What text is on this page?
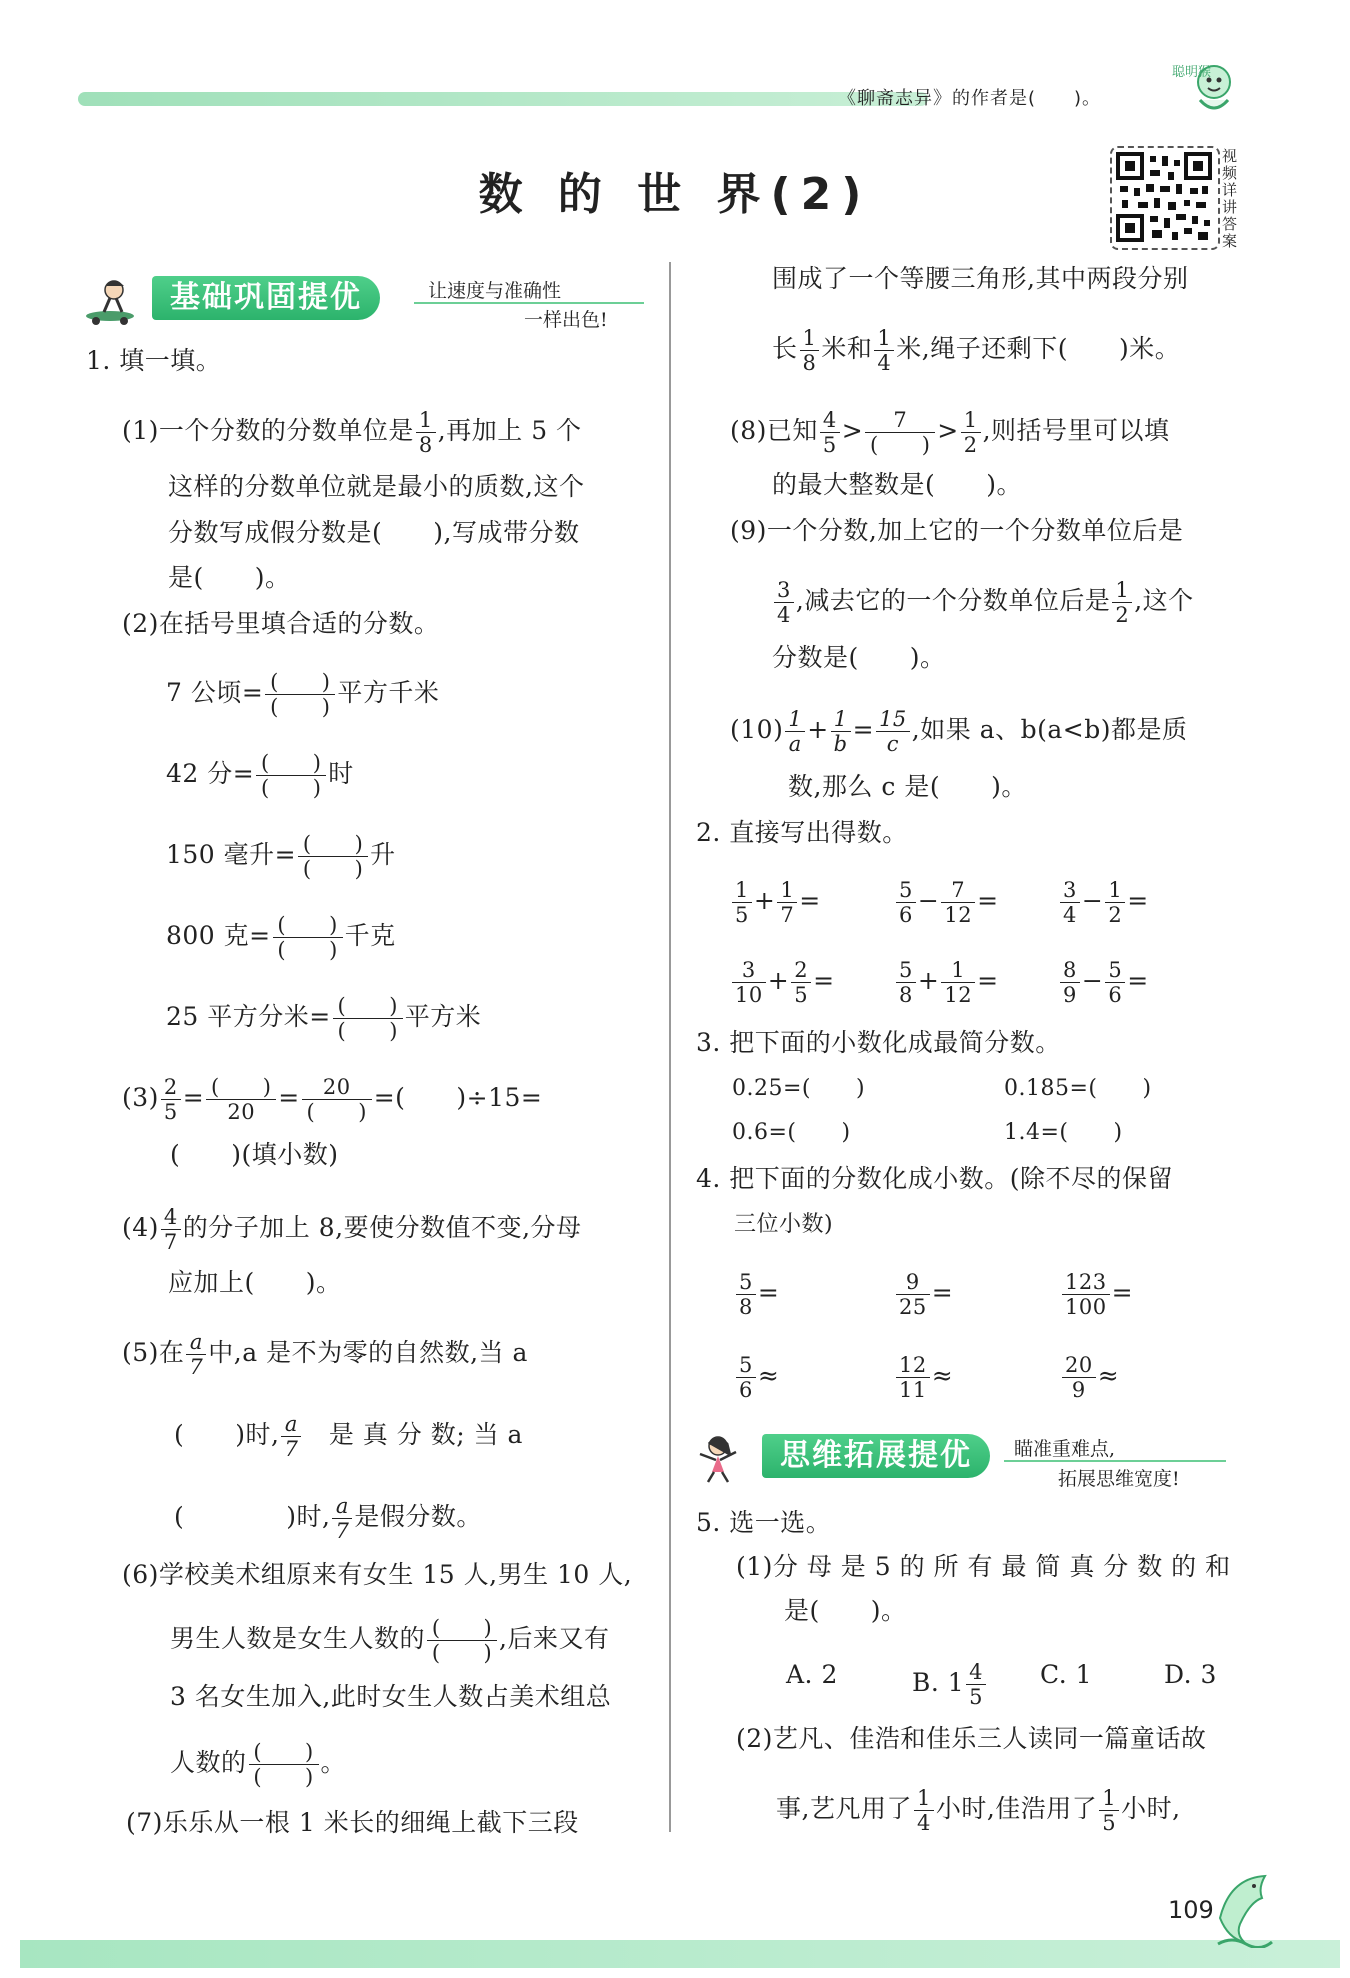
《聊斋志异》的作者是(　　)。
聪明猴
数 的 世 界(2)
视频详讲答案
基础巩固提优	让速度与准确性
一样出色!
1. 填一填。
(1)一个分数的分数单位是 $\frac{1}{8}$ ,再加上 5 个
这样的分数单位就是最小的质数,这个
分数写成假分数是(　　),写成带分数
是(　　)。
(2)在括号里填合适的分数。
7 公顷= $\frac{( )}{( )}$ 平方千米
42 分= $\frac{( )}{( )}$ 时
150 毫升= $\frac{( )}{( )}$ 升
800 克= $\frac{( )}{( )}$ 千克
25 平方分米= $\frac{( )}{( )}$ 平方米
$(3) \frac{2}{5} = \frac{( )}{20} = \frac{20}{( )}$ =(　　)÷15=
(　　)(填小数)
$(4) \frac{4}{7}$ 的分子加上 8,要使分数值不变,分母
应加上(　　)。
(5)在 $\frac{a}{7}$ 中,a 是不为零的自然数,当 a
(　　)时, $\frac{a}{7}$
　 是 真 分 数; 当 a
(　　　　)时, $\frac{a}{7}$ 是假分数。
(6)学校美术组原来有女生 15 人,男生 10 人,
男生人数是女生人数的 $\frac{( )}{( )}$ ,后来又有
3 名女生加入,此时女生人数占美术组总
人数的 $\frac{( )}{( )}$ 。
(7)乐乐从一根 1 米长的细绳上截下三段
围成了一个等腰三角形,其中两段分别
长 $\frac{1}{8}$ 米和 $\frac{1}{4}$ 米,绳子还剩下(　　)米。
(8)已知 $\frac{4}{5} > \frac{7}{( )} > \frac{1}{2}$ ,则括号里可以填
的最大整数是(　　)。
(9)一个分数,加上它的一个分数单位后是
$\frac{3}{4}$ ,减去它的一个分数单位后是 $\frac{1}{2}$ ,这个
分数是(　　)。
$(10) \frac{1}{a} + \frac{1}{b} = \frac{15}{c}$ ,如果 a、b(a<b)都是质
数,那么 c 是(　　)。
2. 直接写出得数。
$\frac{1}{5} + \frac{1}{7}$ =	$\frac{5}{6} - \frac{7}{12}$ =	$\frac{3}{4} - \frac{1}{2}$ =
$\frac{3}{10} + \frac{2}{5}$ =	$\frac{5}{8} + \frac{1}{12}$ =	$\frac{8}{9} - \frac{5}{6}$ =
3. 把下面的小数化成最简分数。
0.25=(　　)	0.185=(　　)
0.6=(　　)	1.4=(　　)
4. 把下面的分数化成小数。(除不尽的保留
三位小数)
$\frac{5}{8}$ =	$\frac{9}{25}$ =	$\frac{123}{100}$ =
$\frac{5}{6}$ ≈	$\frac{12}{11}$ ≈	$\frac{20}{9}$ ≈
思维拓展提优	瞄准重难点,
拓展思维宽度!
5. 选一选。
(1)分 母 是 5 的 所 有 最 简 真 分 数 的 和
是(　　)。
A. 2	B. $1 \frac{4}{5} C$. 1	D. 3
(2)艺凡、佳浩和佳乐三人读同一篇童话故
事,艺凡用了 $\frac{1}{4}$ 小时,佳浩用了 $\frac{1}{5}$ 小时,
109
